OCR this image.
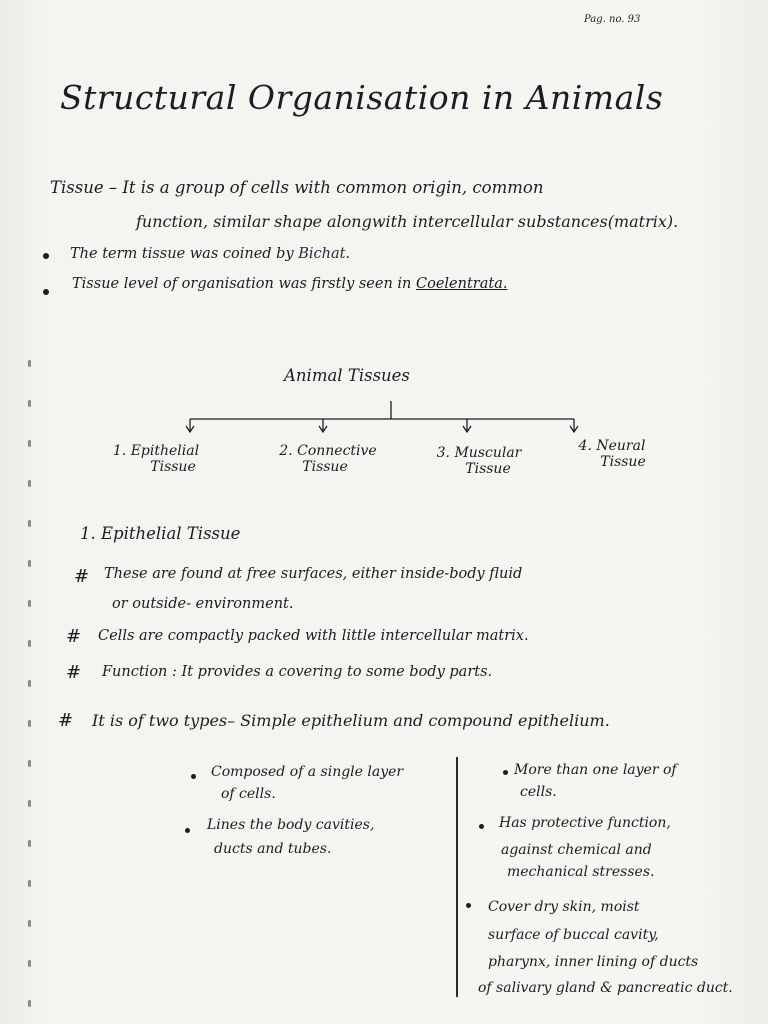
Pag. no. 93
Structural Organisation in Animals
Tissue – It is a group of cells with common origin, common
function, similar shape alongwith intercellular substances(matrix).
The term tissue was coined by Bichat.
Tissue level of organisation was firstly seen in Coelentrata.
Animal Tissues
1. Epithelial
Tissue
2. Connective
Tissue
3. Muscular
Tissue
4. Neural
Tissue
1. Epithelial Tissue
# These are found at free surfaces, either inside-body fluid
or outside- environment.
# Cells are compactly packed with little intercellular matrix.
# Function : It provides a covering to some body parts.
# It is of two types– Simple epithelium and compound epithelium.
Composed of a single layer
of cells.
Lines the body cavities,
ducts and tubes.
More than one layer of
cells.
Has protective function,
against chemical and
mechanical stresses.
Cover dry skin, moist
surface of buccal cavity,
pharynx, inner lining of ducts
of salivary gland & pancreatic duct.
